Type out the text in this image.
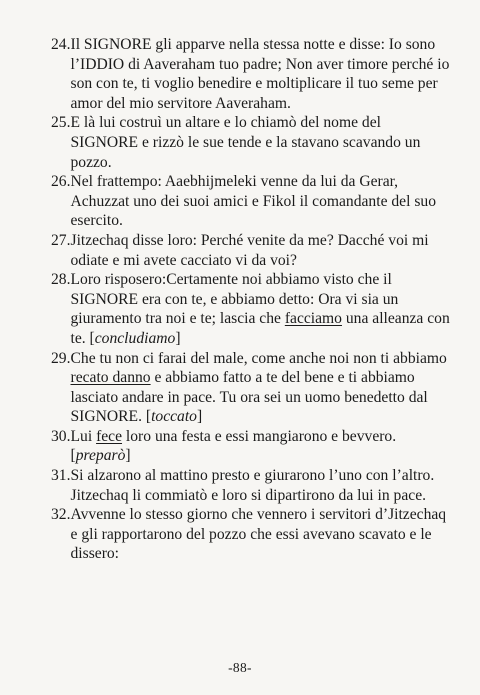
24. Il SIGNORE gli apparve nella stessa notte e disse: Io sono l’IDDIO di Aaveraham tuo padre; Non aver timore perché io son con te, ti voglio benedire e moltiplicare il tuo seme per amor del mio servitore Aaveraham.
25. E là lui costruì un altare e lo chiamò del nome del SIGNORE e rizzò le sue tende e la stavano scavando un pozzo.
26. Nel frattempo: Aaebhijmeleki venne da lui da Gerar, Achuzzat uno dei suoi amici e Fikol il comandante del suo esercito.
27. Jitzechaq disse loro: Perché venite da me? Dacché voi mi odiate e mi avete cacciato vi da voi?
28. Loro risposero:Certamente noi abbiamo visto che il SIGNORE era con te, e abbiamo detto: Ora vi sia un giuramento tra noi e te; lascia che facciamo una alleanza con te. [concludiamo]
29. Che tu non ci farai del male, come anche noi non ti abbiamo recato danno e abbiamo fatto a te del bene e ti abbiamo lasciato andare in pace. Tu ora sei un uomo benedetto dal SIGNORE. [toccato]
30. Lui fece loro una festa e essi mangiarono e bevvero. [preparò]
31. Si alzarono al mattino presto e giurarono l’uno con l’altro. Jitzechaq li commiatò e loro si dipartirono da lui in pace.
32. Avvenne lo stesso giorno che vennero i servitori d’Jitzechaq e gli rapportarono del pozzo che essi avevano scavato e le dissero:
-88-
